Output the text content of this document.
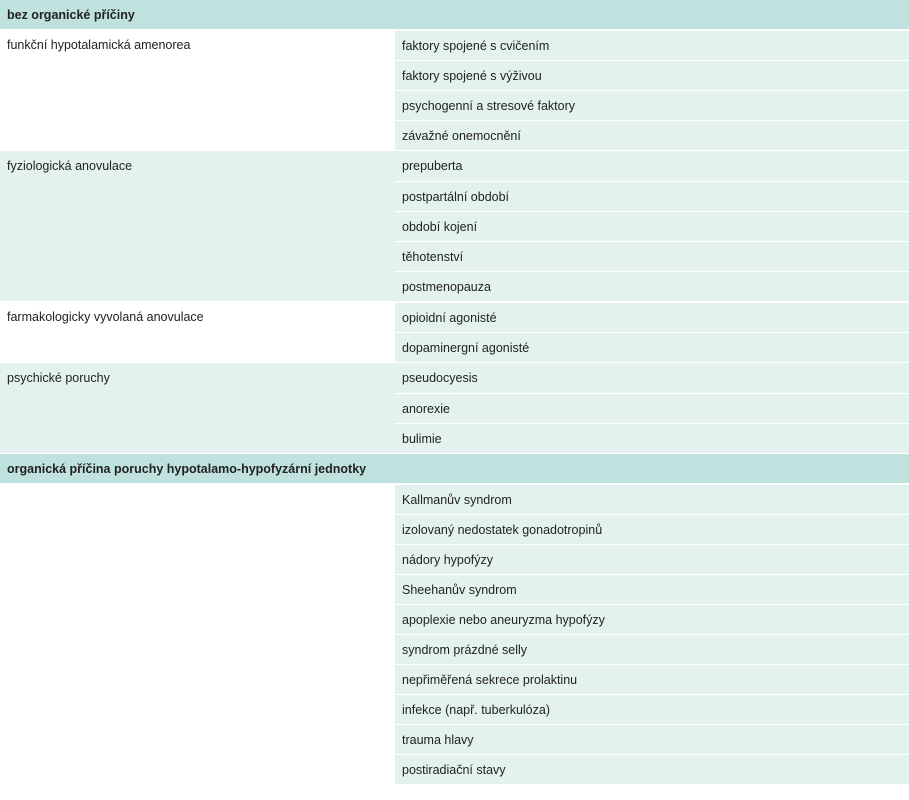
bez organické příčiny
funkční hypotalamická amenorea	faktory spojené s cvičením
faktory spojené s výživou
psychogenní a stresové faktory
závažné onemocnění
fyziologická anovulace	prepuberta
postpartální období
období kojení
těhotenství
postmenopauza
farmakologicky vyvolaná anovulace	opioidní agonisté
dopaminergní agonisté
psychické poruchy	pseudocyesis
anorexie
bulimie
organická příčina poruchy hypotalamo-hypofyzární jednotky
Kallmanův syndrom
izolovaný nedostatek gonadotropinů
nádory hypofýzy
Sheehanův syndrom
apoplexie nebo aneuryzma hypofýzy
syndrom prázdné selly
nepřiměřená sekrece prolaktinu
infekce (např. tuberkulóza)
trauma hlavy
postiradiační stavy
